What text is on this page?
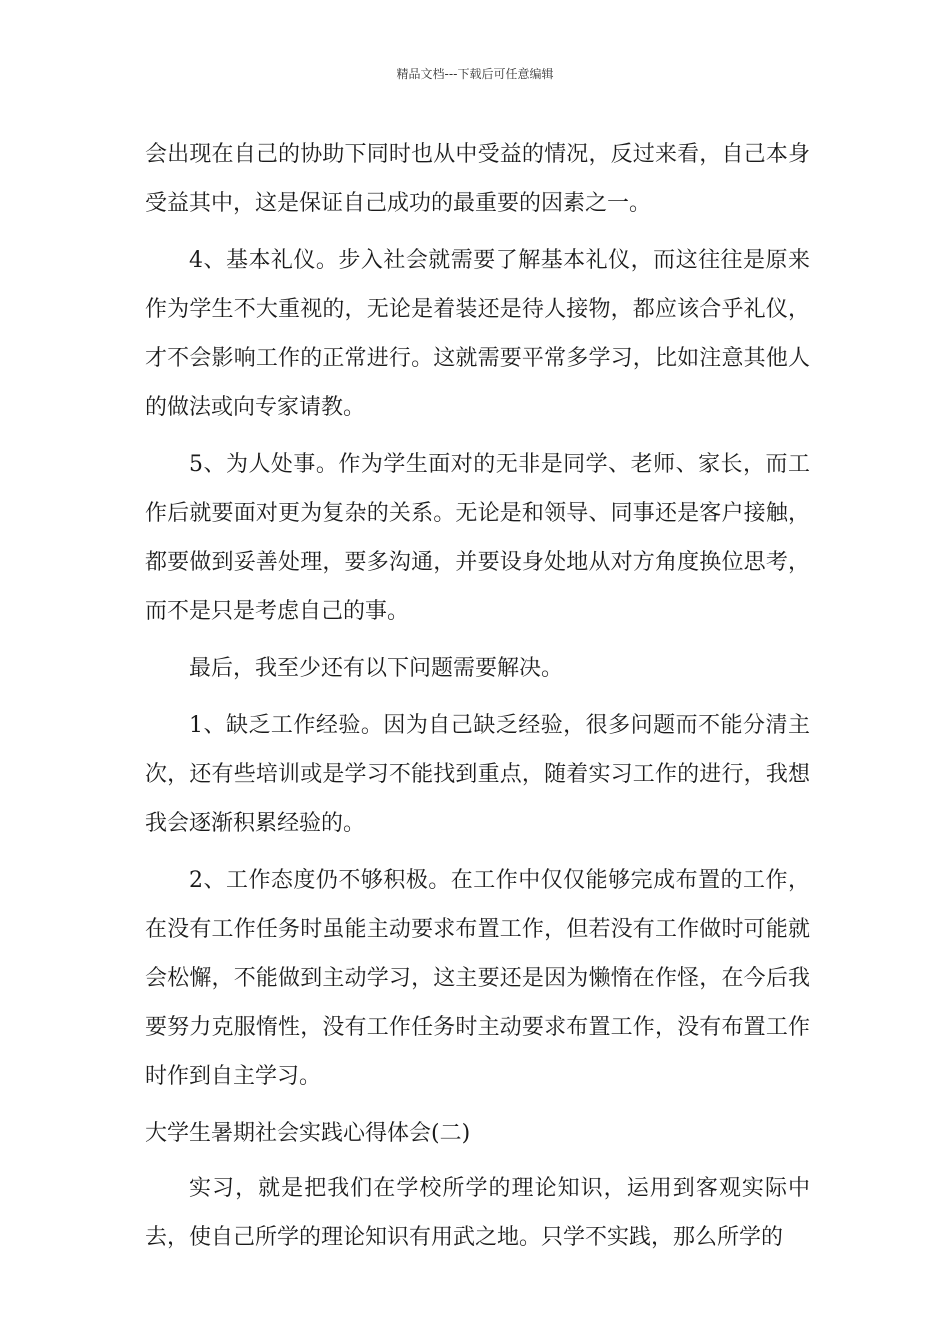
精品文档---下载后可任意编辑

会出现在自己的协助下同时也从中受益的情况，反过来看，自己本身受益其中，这是保证自己成功的最重要的因素之一。

4、基本礼仪。步入社会就需要了解基本礼仪，而这往往是原来作为学生不大重视的，无论是着装还是待人接物，都应该合乎礼仪，才不会影响工作的正常进行。这就需要平常多学习，比如注意其他人的做法或向专家请教。

5、为人处事。作为学生面对的无非是同学、老师、家长，而工作后就要面对更为复杂的关系。无论是和领导、同事还是客户接触，都要做到妥善处理，要多沟通，并要设身处地从对方角度换位思考，而不是只是考虑自己的事。

最后，我至少还有以下问题需要解决。

1、缺乏工作经验。因为自己缺乏经验，很多问题而不能分清主次，还有些培训或是学习不能找到重点，随着实习工作的进行，我想我会逐渐积累经验的。

2、工作态度仍不够积极。在工作中仅仅能够完成布置的工作，在没有工作任务时虽能主动要求布置工作，但若没有工作做时可能就会松懈，不能做到主动学习，这主要还是因为懒惰在作怪，在今后我要努力克服惰性，没有工作任务时主动要求布置工作，没有布置工作时作到自主学习。

大学生暑期社会实践心得体会(二)

实习，就是把我们在学校所学的理论知识，运用到客观实际中去，使自己所学的理论知识有用武之地。只学不实践，那么所学的
